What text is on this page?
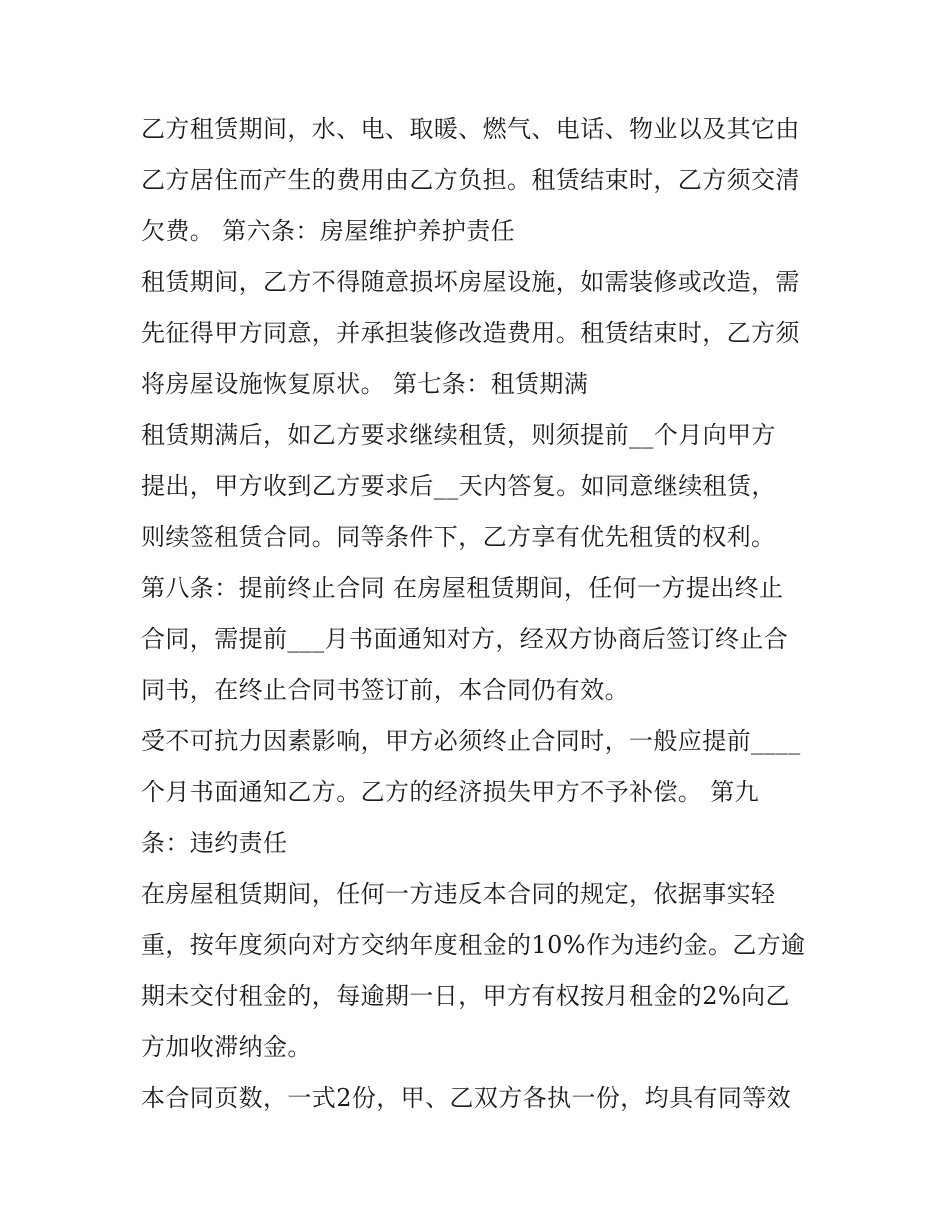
乙方租赁期间，水、电、取暖、燃气、电话、物业以及其它由
乙方居住而产生的费用由乙方负担。租赁结束时，乙方须交清
欠费。 第六条：房屋维护养护责任
租赁期间，乙方不得随意损坏房屋设施，如需装修或改造，需
先征得甲方同意，并承担装修改造费用。租赁结束时，乙方须
将房屋设施恢复原状。 第七条：租赁期满
租赁期满后，如乙方要求继续租赁，则须提前__个月向甲方
提出，甲方收到乙方要求后__天内答复。如同意继续租赁，
则续签租赁合同。同等条件下，乙方享有优先租赁的权利。
第八条：提前终止合同 在房屋租赁期间，任何一方提出终止
合同，需提前___月书面通知对方，经双方协商后签订终止合
同书，在终止合同书签订前，本合同仍有效。
受不可抗力因素影响，甲方必须终止合同时，一般应提前____
个月书面通知乙方。乙方的经济损失甲方不予补偿。 第九
条：违约责任
在房屋租赁期间，任何一方违反本合同的规定，依据事实轻
重，按年度须向对方交纳年度租金的10%作为违约金。乙方逾
期未交付租金的，每逾期一日，甲方有权按月租金的2%向乙
方加收滞纳金。
本合同页数，一式2份，甲、乙双方各执一份，均具有同等效
